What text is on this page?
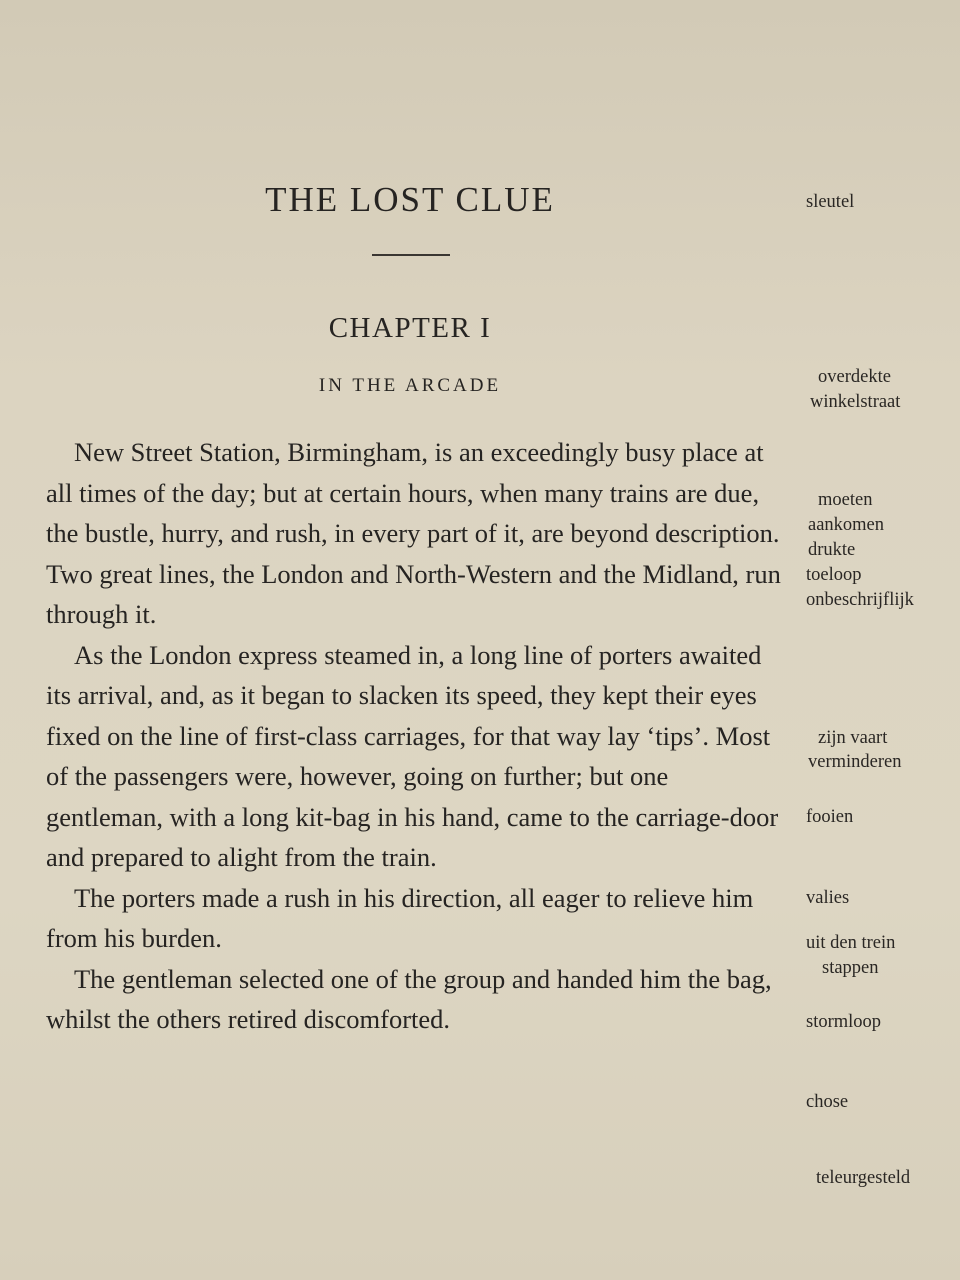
THE LOST CLUE
CHAPTER I
IN THE ARCADE

New Street Station, Birmingham, is an exceedingly busy place at all times of the day; but at certain hours, when many trains are due, the bustle, hurry, and rush, in every part of it, are beyond description. Two great lines, the London and North-Western and the Midland, run through it.

As the London express steamed in, a long line of porters awaited its arrival, and, as it began to slacken its speed, they kept their eyes fixed on the line of first-class carriages, for that way lay ‘tips’. Most of the passengers were, however, going on further; but one gentleman, with a long kit-bag in his hand, came to the carriage-door and prepared to alight from the train.

The porters made a rush in his direction, all eager to relieve him from his burden.

The gentleman selected one of the group and handed him the bag, whilst the others retired discomforted.

sleutel
overdekte
winkelstraat
moeten
aankomen
drukte
toeloop
onbeschrijflijk
zijn vaart
verminderen
fooien
valies
uit den trein
stappen
stormloop
chose
teleurgesteld
